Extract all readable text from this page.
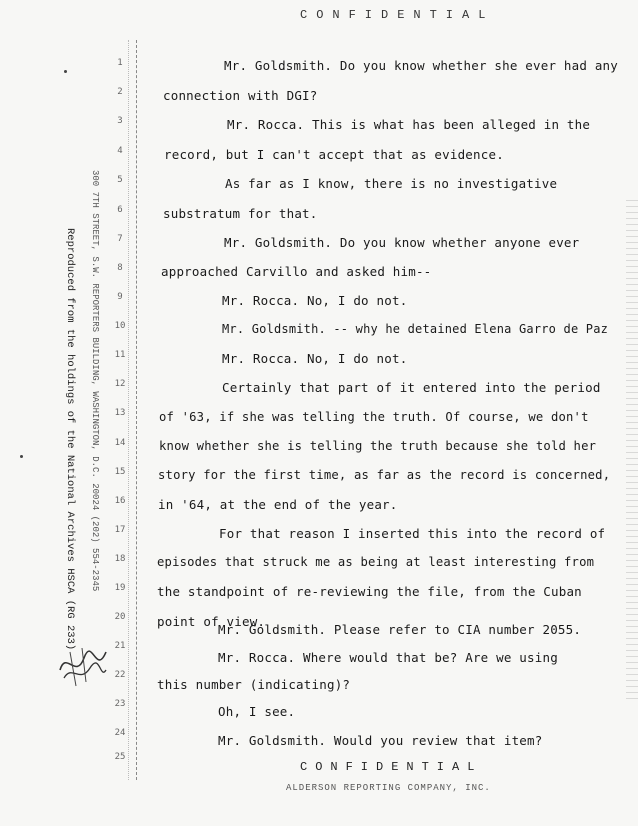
CONFIDENTIAL
Reproduced from the holdings of the National Archives HSCA (RG 233) 300 7TH STREET, S.W. REPORTERS BUILDING, WASHINGTON, D.C. 20024 (202) 554-2345
1
2
3
4
5
6
7
8
9
10
11
12
13
14
15
16
17
18
19
20
21
22
23
24
25
Mr. Goldsmith. Do you know whether she ever had any
connection with DGI?
Mr. Rocca. This is what has been alleged in the
record, but I can't accept that as evidence.
As far as I know, there is no investigative
substratum for that.
Mr. Goldsmith. Do you know whether anyone ever
approached Carvillo and asked him--
Mr. Rocca. No, I do not.
Mr. Goldsmith. -- why he detained Elena Garro de Paz
Mr. Rocca. No, I do not.
Certainly that part of it entered into the period
of '63, if she was telling the truth. Of course, we don't
know whether she is telling the truth because she told her
story for the first time, as far as the record is concerned,
in '64, at the end of the year.
For that reason I inserted this into the record of
episodes that struck me as being at least interesting from
the standpoint of re-reviewing the file, from the Cuban
point of view.
Mr. Goldsmith. Please refer to CIA number 2055.
Mr. Rocca. Where would that be? Are we using
this number (indicating)?
Oh, I see.
Mr. Goldsmith. Would you review that item?
CONFIDENTIAL
ALDERSON REPORTING COMPANY, INC.
